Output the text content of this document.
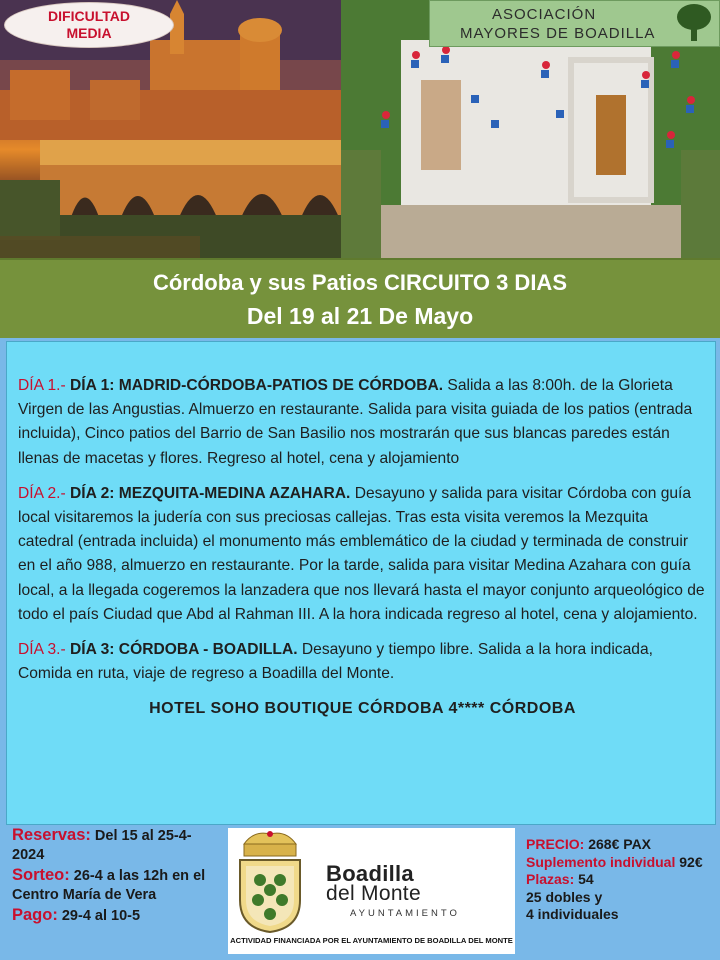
DIFICULTAD
MEDIA
ASOCIACIÓN
MAYORES DE BOADILLA
Córdoba y sus Patios CIRCUITO 3 DIAS
Del 19 al 21 De Mayo

DÍA 1.- DÍA 1: MADRID-CÓRDOBA-PATIOS DE CÓRDOBA. Salida a las 8:00h. de la Glorieta Virgen de las Angustias. Almuerzo en restaurante. Salida para visita guiada de los patios (entrada incluida), Cinco patios del Barrio de San Basilio nos mostrarán que sus blancas paredes están llenas de macetas y flores. Regreso al hotel, cena y alojamiento

DÍA 2.- DÍA 2: MEZQUITA-MEDINA AZAHARA. Desayuno y salida para visitar Córdoba con guía local visitaremos la judería con sus preciosas callejas. Tras esta visita veremos la Mezquita catedral (entrada incluida) el monumento más emblemático de la ciudad y terminada de construir en el año 988, almuerzo en restaurante. Por la tarde, salida para visitar Medina Azahara con guía local, a la llegada cogeremos la lanzadera que nos llevará hasta el mayor conjunto arqueológico de todo el país Ciudad que Abd al Rahman III. A la hora indicada regreso al hotel, cena y alojamiento.

DÍA 3.- DÍA 3: CÓRDOBA - BOADILLA. Desayuno y tiempo libre. Salida a la hora indicada, Comida en ruta, viaje de regreso a Boadilla del Monte.

HOTEL SOHO BOUTIQUE CÓRDOBA 4**** CÓRDOBA

Reservas: Del 15 al 25-4-2024
Sorteo: 26-4 a las 12h en el Centro María de Vera
Pago: 29-4 al 10-5
Boadilla
del Monte
AYUNTAMIENTO
ACTIVIDAD FINANCIADA POR EL AYUNTAMIENTO DE BOADILLA DEL MONTE
PRECIO: 268€ PAX
Suplemento individual 92€
Plazas: 54
25 dobles y
4 individuales
